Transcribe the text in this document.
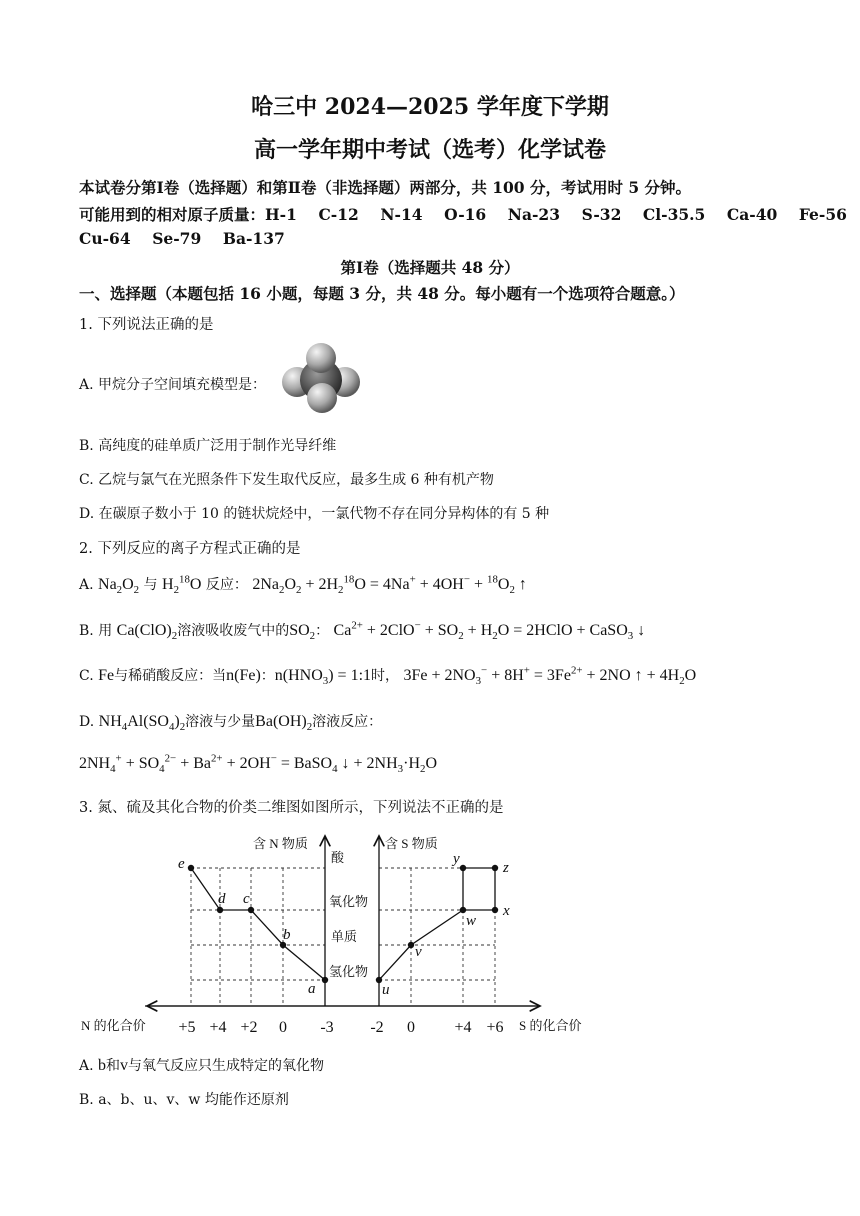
哈三中 2024—2025 学年度下学期
高一学年期中考试（选考）化学试卷
本试卷分第Ⅰ卷（选择题）和第Ⅱ卷（非选择题）两部分，共 100 分，考试用时 5 分钟。
可能用到的相对原子质量：H-1    C-12    N-14    O-16    Na-23    S-32    Cl-35.5    Ca-40    Fe-56
Cu-64    Se-79    Ba-137
第Ⅰ卷（选择题共 48 分）
一、选择题（本题包括 16 小题，每题 3 分，共 48 分。每小题有一个选项符合题意。）
1. 下列说法正确的是
A. 甲烷分子空间填充模型是：
B. 高纯度的硅单质广泛用于制作光导纤维
C. 乙烷与氯气在光照条件下发生取代反应，最多生成 6 种有机产物
D. 在碳原子数小于 10 的链状烷烃中，一氯代物不存在同分异构体的有 5 种
2. 下列反应的离子方程式正确的是
A. $Na_2O_2$ 与 $H_2^{18}O$ 反应： $2Na_2O_2 + 2H_2^{18}O = 4Na^+ + 4OH^- + ^{18}O_2$ ↑
B. 用 $Ca(ClO)_2$溶液吸收废气中的$SO_2$： $Ca^{2+} + 2ClO^- + SO_2 + H_2O$ = 2HClO + CaSO$_3$ ↓
C. Fe与稀硝酸反应：当n(Fe)：$n(HNO_3)$ = 1:1时， $3Fe + 2NO_3^- + 8H^+ = 3Fe^{2+} + 2NO$ ↑ + $4H_2O$
D. $NH_4Al(SO_4)_2$溶液与少量$Ba(OH)_2$溶液反应：
$2NH_4^+ + SO_4^{2-} + Ba^{2+} + 2OH^-$ = BaSO$_4$ ↓ + $2NH_3\cdot H_2O$
3. 氮、硫及其化合物的价类二维图如图所示，下列说法不正确的是
e
d c
b
a	u
v
w
x
y
z
酸
氧化物
单质
氢化物
含 N 物质	含 S 物质
N 的化合价	S 的化合价
+5 +4 +2 0 -3 -2 0 +4 +6
A. b和v与氧气反应只生成特定的氧化物
B. a、b、u、v、w 均能作还原剂
